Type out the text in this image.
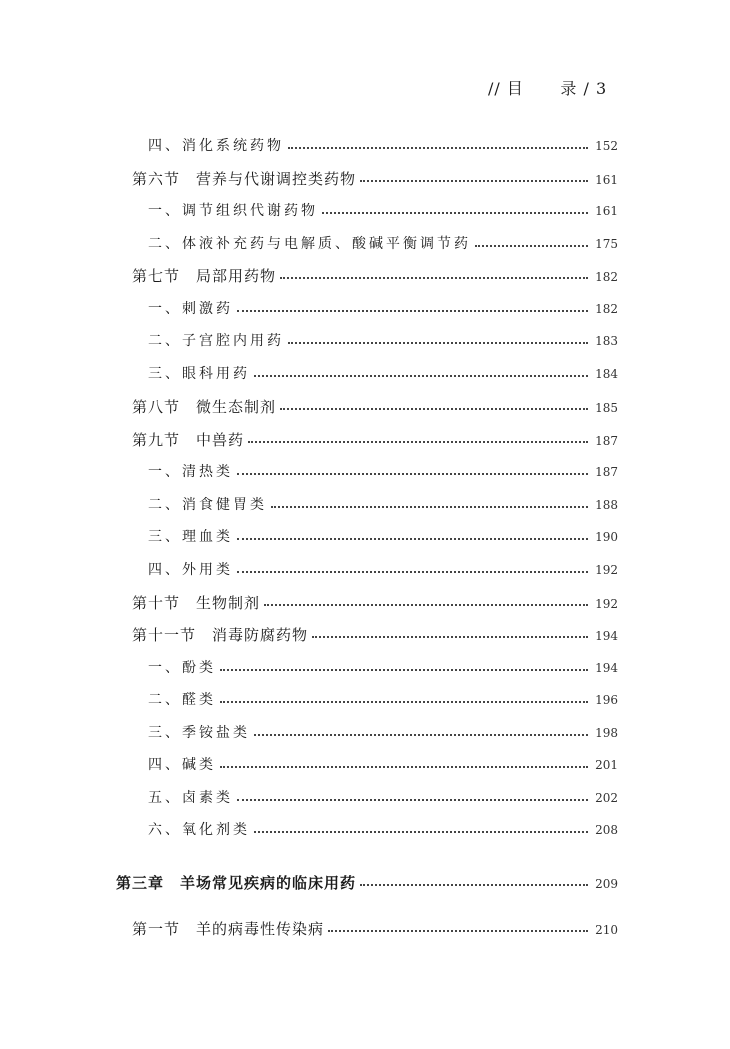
// 目 录 / 3
四、消化系统药物	152
第六节　营养与代谢调控类药物	161
一、调节组织代谢药物	161
二、体液补充药与电解质、酸碱平衡调节药	175
第七节　局部用药物	182
一、刺激药	182
二、子宫腔内用药	183
三、眼科用药	184
第八节　微生态制剂	185
第九节　中兽药	187
一、清热类	187
二、消食健胃类	188
三、理血类	190
四、外用类	192
第十节　生物制剂	192
第十一节　消毒防腐药物	194
一、酚类	194
二、醛类	196
三、季铵盐类	198
四、碱类	201
五、卤素类	202
六、氧化剂类	208
第三章　羊场常见疾病的临床用药	209
第一节　羊的病毒性传染病	210
